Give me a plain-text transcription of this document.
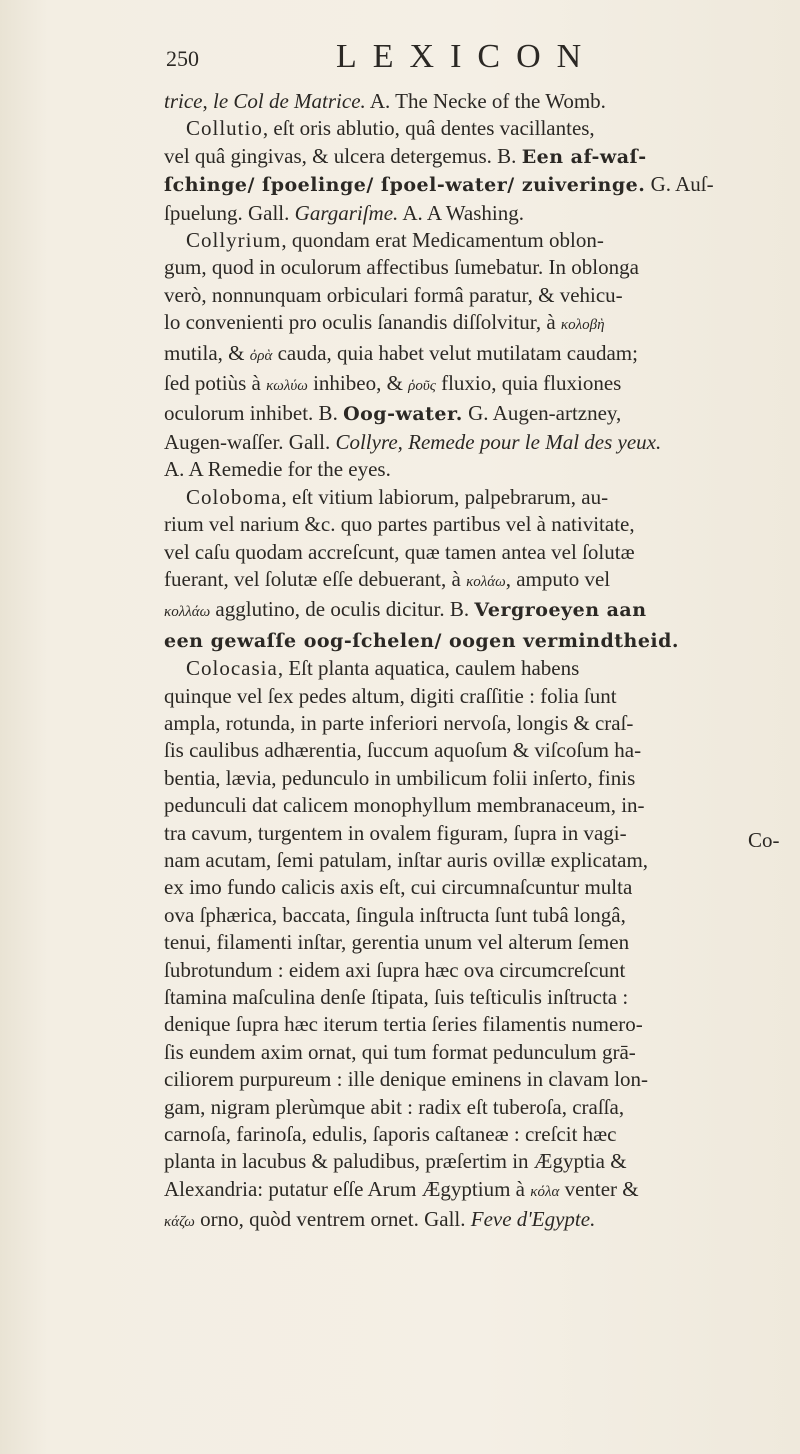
250	LEXICON
trice, le Col de Matrice. A. The Necke of the Womb.
Collutio, eſt oris ablutio, quâ dentes vacillantes,
vel quâ gingivas, & ulcera detergemus. B. Een af-waſ-
ſchinge/ ſpoelinge/ ſpoel-water/ zuiveringe. G. Auſ-
ſpuelung. Gall. Gargariſme. A. A Washing.
Collyrium, quondam erat Medicamentum oblon-
gum, quod in oculorum affectibus ſumebatur. In oblonga
verò, nonnunquam orbiculari formâ paratur, & vehicu-
lo convenienti pro oculis ſanandis diſſolvitur, à κολοβὴ
mutila, & ὀρὰ cauda, quia habet velut mutilatam caudam;
ſed potiùs à κωλύω inhibeo, & ῥοῦς fluxio, quia fluxiones
oculorum inhibet. B. Oog-water. G. Augen-artzney,
Augen-waſſer. Gall. Collyre, Remede pour le Mal des yeux.
A. A Remedie for the eyes.
Coloboma, eſt vitium labiorum, palpebrarum, au-
rium vel narium &c. quo partes partibus vel à nativitate,
vel caſu quodam accreſcunt, quæ tamen antea vel ſolutæ
fuerant, vel ſolutæ eſſe debuerant, à κολάω, amputo vel
κολλάω agglutino, de oculis dicitur. B. Vergroeyen aan
een gewaſſe oog-ſchelen/ oogen vermindtheid.
Colocasia, Eſt planta aquatica, caulem habens
quinque vel ſex pedes altum, digiti craſſitie : folia ſunt
ampla, rotunda, in parte inferiori nervoſa, longis & craſ-
ſis caulibus adhærentia, ſuccum aquoſum & viſcoſum ha-
bentia, lævia, pedunculo in umbilicum folii inſerto, finis
pedunculi dat calicem monophyllum membranaceum, in-
tra cavum, turgentem in ovalem figuram, ſupra in vagi-
nam acutam, ſemi patulam, inſtar auris ovillæ explicatam,
ex imo fundo calicis axis eſt, cui circumnaſcuntur multa
ova ſphærica, baccata, ſingula inſtructa ſunt tubâ longâ,
tenui, filamenti inſtar, gerentia unum vel alterum ſemen
ſubrotundum : eidem axi ſupra hæc ova circumcreſcunt
ſtamina maſculina denſe ſtipata, ſuis teſticulis inſtructa :
denique ſupra hæc iterum tertia ſeries filamentis numero-
ſis eundem axim ornat, qui tum format pedunculum grā-
ciliorem purpureum : ille denique eminens in clavam lon-
gam, nigram plerùmque abit : radix eſt tuberoſa, craſſa,
carnoſa, farinoſa, edulis, ſaporis caſtaneæ : creſcit hæc
planta in lacubus & paludibus, præſertim in Ægyptia &
Alexandria: putatur eſſe Arum Ægyptium à κόλα venter &
κάζω orno, quòd ventrem ornet. Gall. Feve d'Egypte.
Co-
